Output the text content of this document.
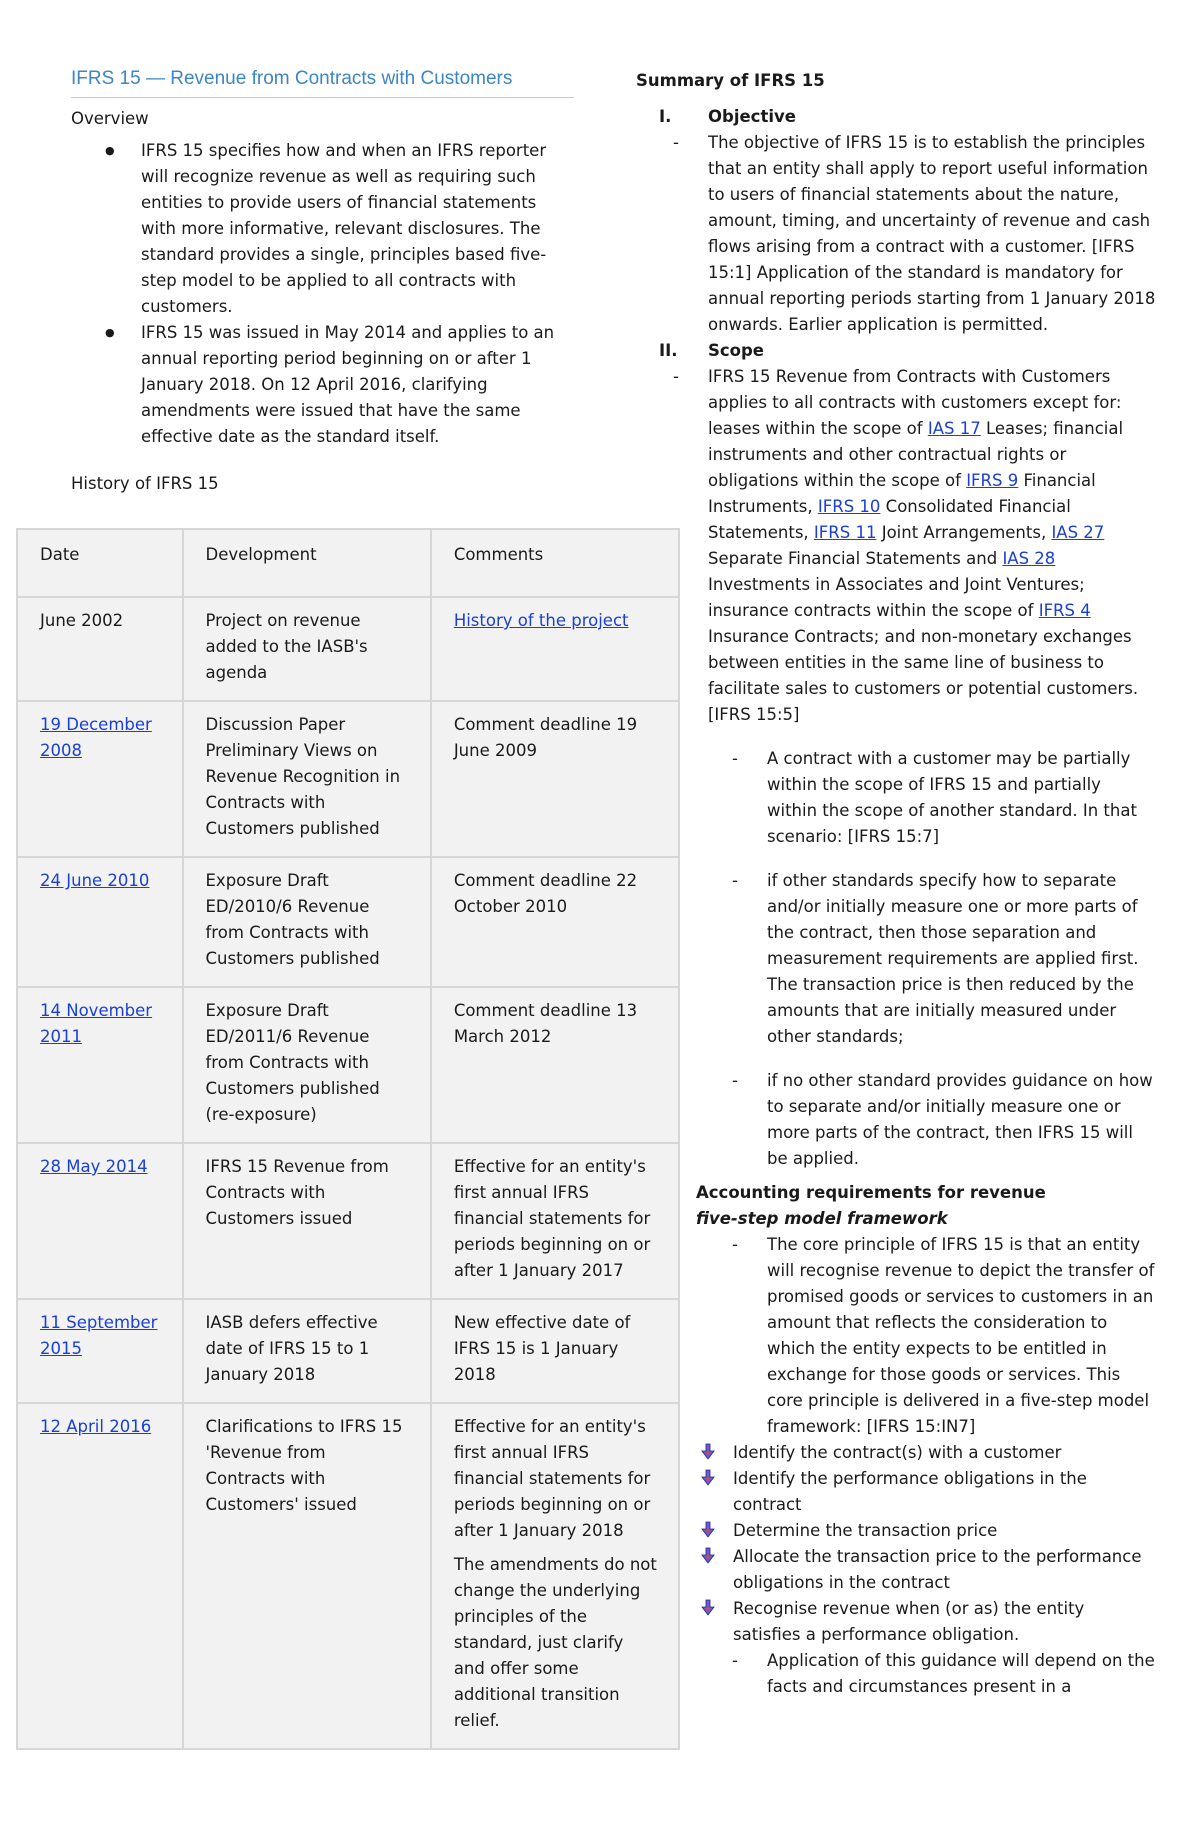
IFRS 15 — Revenue from Contracts with Customers
Overview
● IFRS 15 specifies how and when an IFRS reporter will recognize revenue as well as requiring such entities to provide users of financial statements with more informative, relevant disclosures. The standard provides a single, principles based five-step model to be applied to all contracts with customers.
● IFRS 15 was issued in May 2014 and applies to an annual reporting period beginning on or after 1 January 2018. On 12 April 2016, clarifying amendments were issued that have the same effective date as the standard itself.
History of IFRS 15
Date	Development	Comments
June 2002	Project on revenue added to the IASB's agenda	History of the project
19 December 2008	Discussion Paper Preliminary Views on Revenue Recognition in Contracts with Customers published	Comment deadline 19 June 2009
24 June 2010	Exposure Draft ED/2010/6 Revenue from Contracts with Customers published	Comment deadline 22 October 2010
14 November 2011	Exposure Draft ED/2011/6 Revenue from Contracts with Customers published (re-exposure)	Comment deadline 13 March 2012
28 May 2014	IFRS 15 Revenue from Contracts with Customers issued	Effective for an entity's first annual IFRS financial statements for periods beginning on or after 1 January 2017
11 September 2015	IASB defers effective date of IFRS 15 to 1 January 2018	New effective date of IFRS 15 is 1 January 2018
12 April 2016	Clarifications to IFRS 15 'Revenue from Contracts with Customers' issued	Effective for an entity's first annual IFRS financial statements for periods beginning on or after 1 January 2018
The amendments do not change the underlying principles of the standard, just clarify and offer some additional transition relief.
Summary of IFRS 15
I. Objective
- The objective of IFRS 15 is to establish the principles that an entity shall apply to report useful information to users of financial statements about the nature, amount, timing, and uncertainty of revenue and cash flows arising from a contract with a customer. [IFRS 15:1] Application of the standard is mandatory for annual reporting periods starting from 1 January 2018 onwards. Earlier application is permitted.
II. Scope
- IFRS 15 Revenue from Contracts with Customers applies to all contracts with customers except for: leases within the scope of IAS 17 Leases; financial instruments and other contractual rights or obligations within the scope of IFRS 9 Financial Instruments, IFRS 10 Consolidated Financial Statements, IFRS 11 Joint Arrangements, IAS 27 Separate Financial Statements and IAS 28 Investments in Associates and Joint Ventures; insurance contracts within the scope of IFRS 4 Insurance Contracts; and non-monetary exchanges between entities in the same line of business to facilitate sales to customers or potential customers. [IFRS 15:5]
- A contract with a customer may be partially within the scope of IFRS 15 and partially within the scope of another standard. In that scenario: [IFRS 15:7]
- if other standards specify how to separate and/or initially measure one or more parts of the contract, then those separation and measurement requirements are applied first. The transaction price is then reduced by the amounts that are initially measured under other standards;
- if no other standard provides guidance on how to separate and/or initially measure one or more parts of the contract, then IFRS 15 will be applied.
Accounting requirements for revenue
five-step model framework
- The core principle of IFRS 15 is that an entity will recognise revenue to depict the transfer of promised goods or services to customers in an amount that reflects the consideration to which the entity expects to be entitled in exchange for those goods or services. This core principle is delivered in a five-step model framework: [IFRS 15:IN7]
Identify the contract(s) with a customer
Identify the performance obligations in the contract
Determine the transaction price
Allocate the transaction price to the performance obligations in the contract
Recognise revenue when (or as) the entity satisfies a performance obligation.
- Application of this guidance will depend on the facts and circumstances present in a
